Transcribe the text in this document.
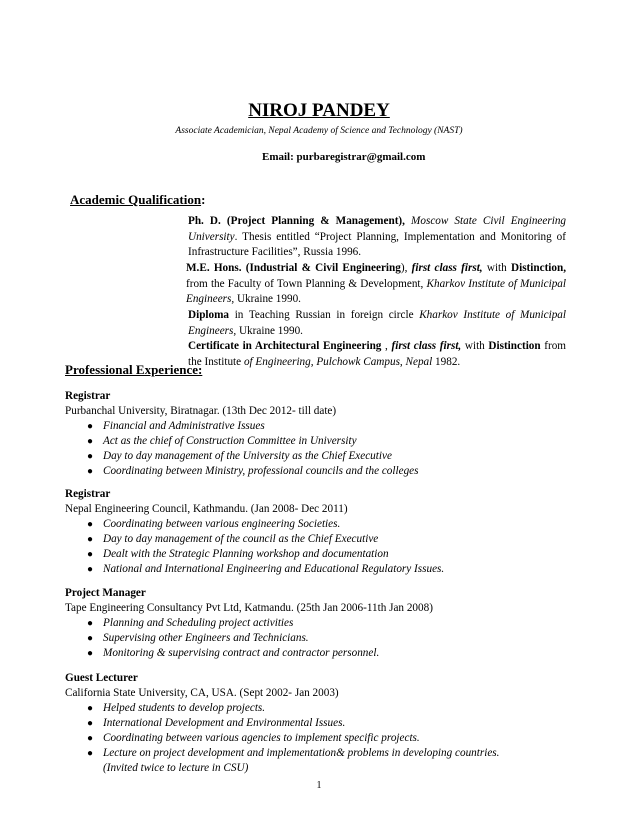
NIROJ PANDEY
Associate Academician, Nepal Academy of Science and Technology (NAST)
Email: purbaregistrar@gmail.com
Academic Qualification:
Ph. D. (Project Planning & Management), Moscow State Civil Engineering University. Thesis entitled “Project Planning, Implementation and Monitoring of Infrastructure Facilities”, Russia 1996.
M.E. Hons. (Industrial & Civil Engineering), first class first, with Distinction, from the Faculty of Town Planning & Development, Kharkov Institute of Municipal Engineers, Ukraine 1990.
Diploma in Teaching Russian in foreign circle Kharkov Institute of Municipal Engineers, Ukraine 1990.
Certificate in Architectural Engineering , first class first, with Distinction from the Institute of Engineering, Pulchowk Campus, Nepal 1982.
Professional Experience:
Registrar
Purbanchal University, Biratnagar. (13th Dec 2012- till date)
● Financial and Administrative Issues
● Act as the chief of Construction Committee in University
● Day to day management of the University as the Chief Executive
● Coordinating between Ministry, professional councils and the colleges
Registrar
Nepal Engineering Council, Kathmandu. (Jan 2008- Dec 2011)
● Coordinating between various engineering Societies.
● Day to day management of the council as the Chief Executive
● Dealt with the Strategic Planning workshop and documentation
● National and International Engineering and Educational Regulatory Issues.
Project Manager
Tape Engineering Consultancy Pvt Ltd, Katmandu. (25th Jan 2006-11th Jan 2008)
● Planning and Scheduling project activities
● Supervising other Engineers and Technicians.
● Monitoring & supervising contract and contractor personnel.
Guest Lecturer
California State University, CA, USA. (Sept 2002- Jan 2003)
● Helped students to develop projects.
● International Development and Environmental Issues.
● Coordinating between various agencies to implement specific projects.
● Lecture on project development and implementation& problems in developing countries.
(Invited twice to lecture in CSU)
1
